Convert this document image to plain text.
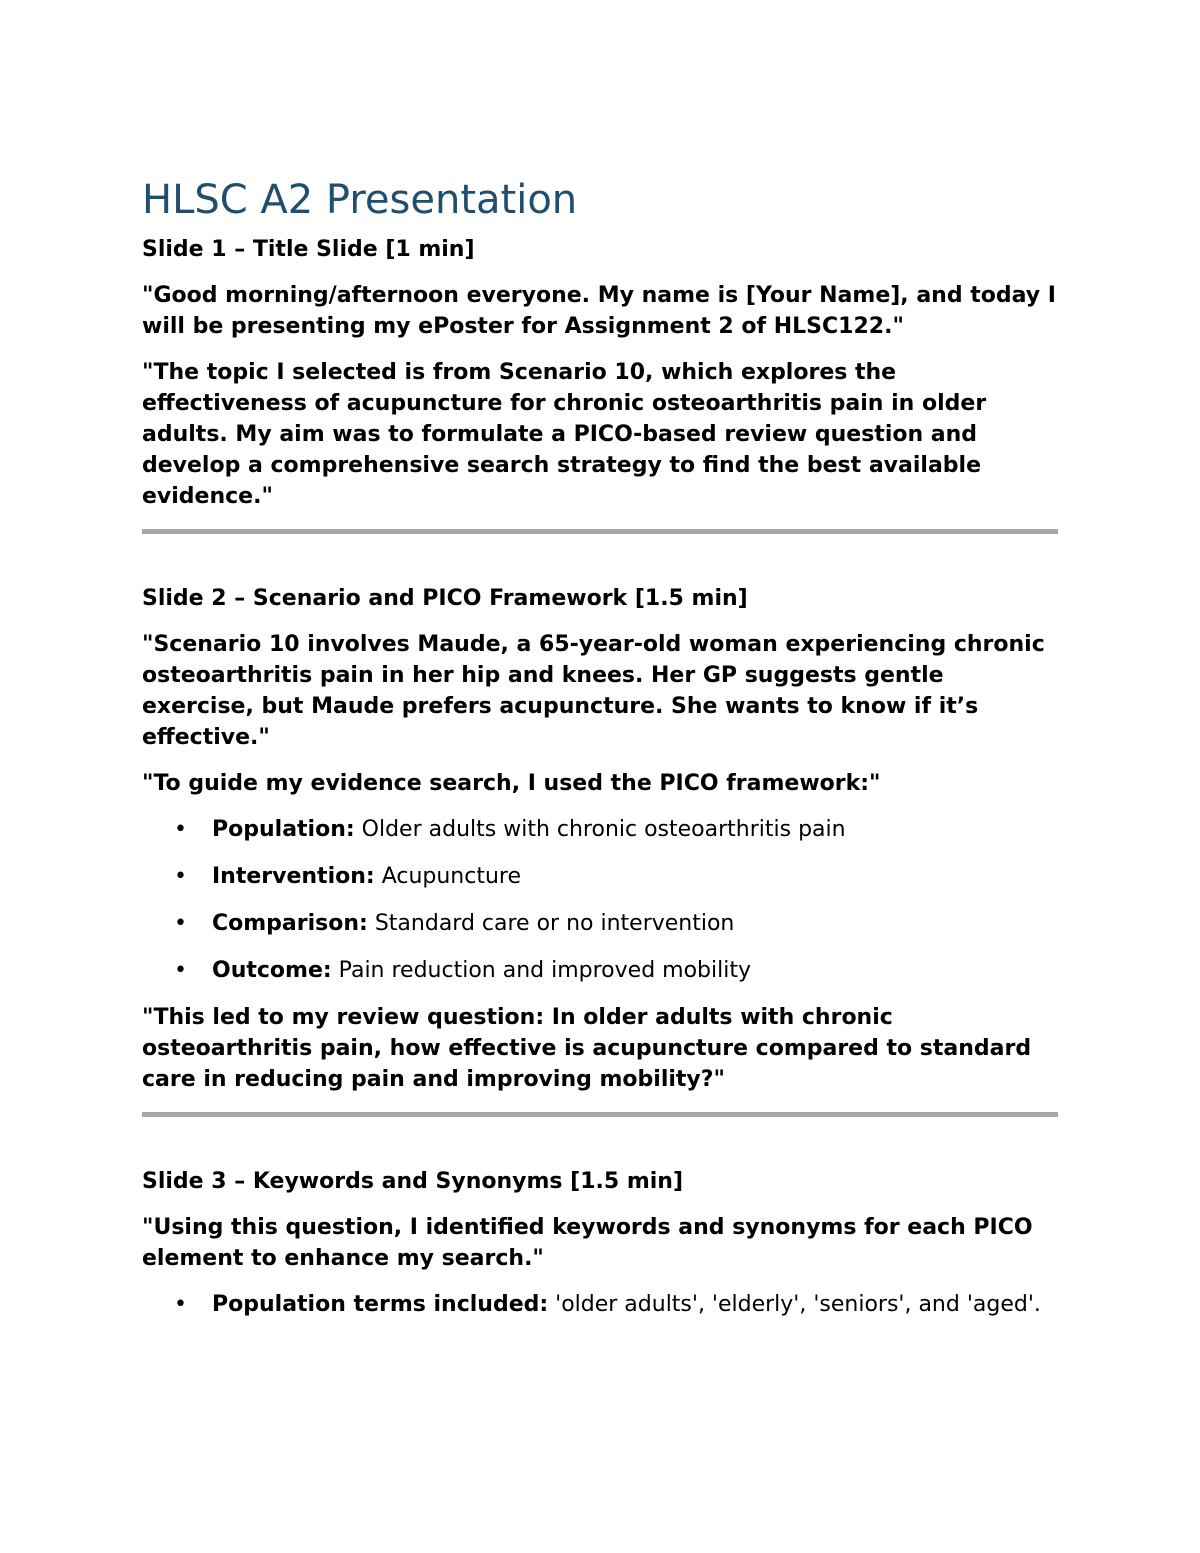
HLSC A2 Presentation
Slide 1 – Title Slide [1 min]

"Good morning/afternoon everyone. My name is [Your Name], and today I will be presenting my ePoster for Assignment 2 of HLSC122."

"The topic I selected is from Scenario 10, which explores the effectiveness of acupuncture for chronic osteoarthritis pain in older adults. My aim was to formulate a PICO-based review question and develop a comprehensive search strategy to find the best available evidence."

Slide 2 – Scenario and PICO Framework [1.5 min]

"Scenario 10 involves Maude, a 65-year-old woman experiencing chronic osteoarthritis pain in her hip and knees. Her GP suggests gentle exercise, but Maude prefers acupuncture. She wants to know if it’s effective."

"To guide my evidence search, I used the PICO framework:"

• Population: Older adults with chronic osteoarthritis pain
• Intervention: Acupuncture
• Comparison: Standard care or no intervention
• Outcome: Pain reduction and improved mobility

"This led to my review question: In older adults with chronic osteoarthritis pain, how effective is acupuncture compared to standard care in reducing pain and improving mobility?"

Slide 3 – Keywords and Synonyms [1.5 min]

"Using this question, I identified keywords and synonyms for each PICO element to enhance my search."

• Population terms included: 'older adults', 'elderly', 'seniors', and 'aged'.
